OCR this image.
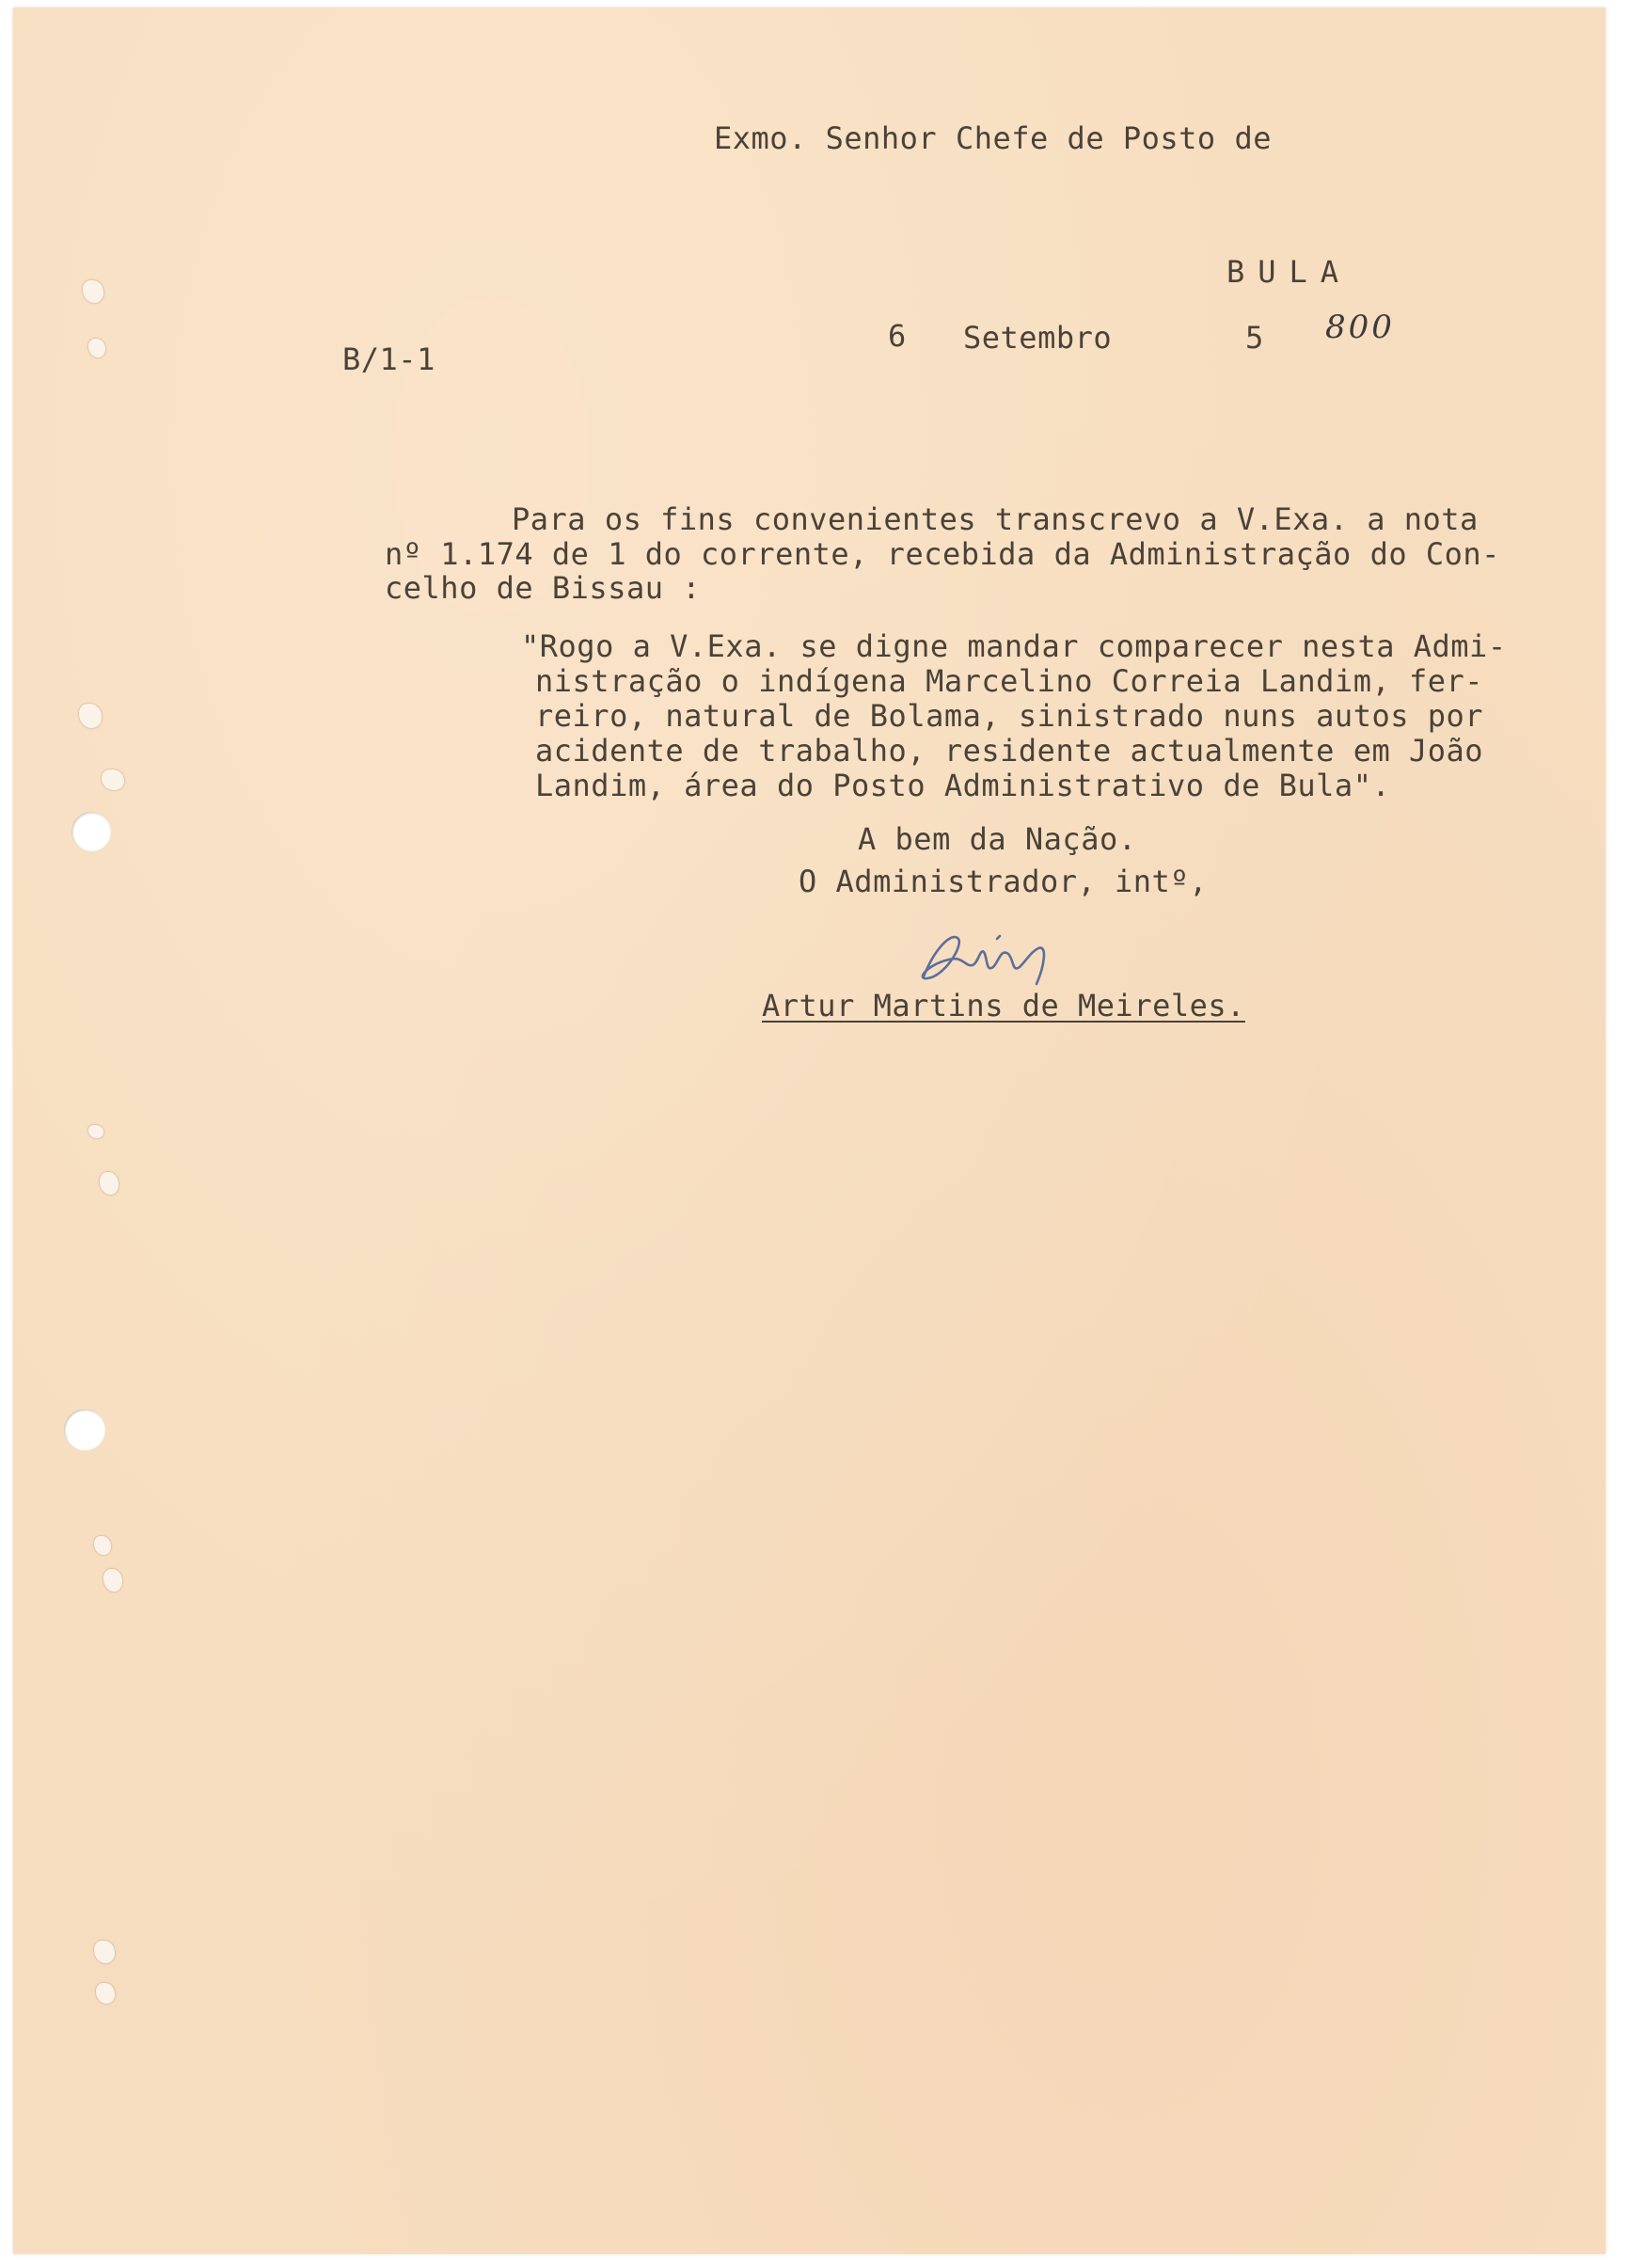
Exmo. Senhor Chefe de Posto de
BULA
B/1-1
6 Setembro	5 800
Para os fins convenientes transcrevo a V.Exa. a nota
nº 1.174 de 1 do corrente, recebida da Administração do Con-
celho de Bissau :
"Rogo a V.Exa. se digne mandar comparecer nesta Admi-
nistração o indígena Marcelino Correia Landim, fer-
reiro, natural de Bolama, sinistrado nuns autos por
acidente de trabalho, residente actualmente em João
Landim, área do Posto Administrativo de Bula".
A bem da Nação.
O Administrador, intº,
Artur Martins de Meireles.
